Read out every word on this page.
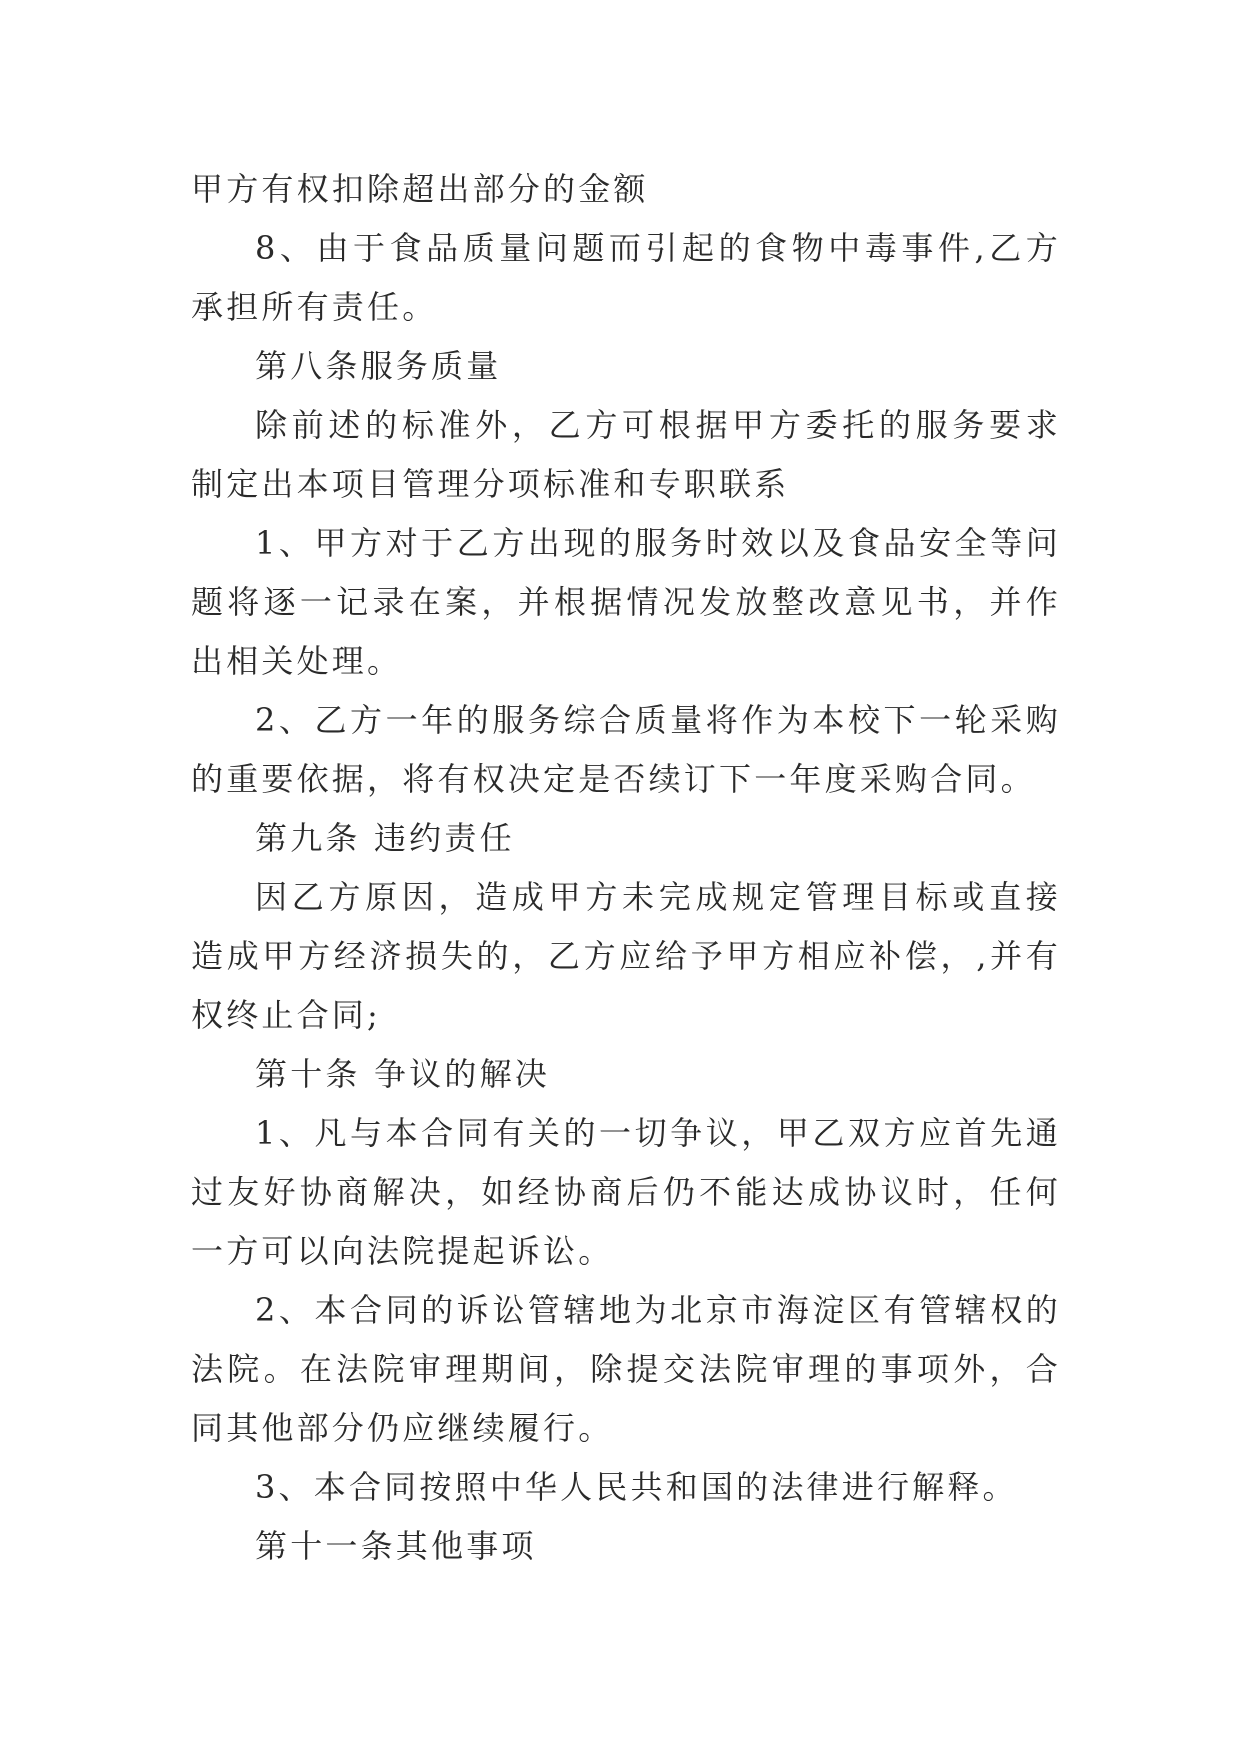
甲方有权扣除超出部分的金额

8、由于食品质量问题而引起的食物中毒事件,乙方承担所有责任。

第八条服务质量

除前述的标准外，乙方可根据甲方委托的服务要求制定出本项目管理分项标准和专职联系

1、甲方对于乙方出现的服务时效以及食品安全等问题将逐一记录在案，并根据情况发放整改意见书，并作出相关处理。

2、乙方一年的服务综合质量将作为本校下一轮采购的重要依据，将有权决定是否续订下一年度采购合同。

第九条 违约责任

因乙方原因，造成甲方未完成规定管理目标或直接造成甲方经济损失的，乙方应给予甲方相应补偿，,并有权终止合同;

第十条 争议的解决

1、凡与本合同有关的一切争议，甲乙双方应首先通过友好协商解决，如经协商后仍不能达成协议时，任何一方可以向法院提起诉讼。

2、本合同的诉讼管辖地为北京市海淀区有管辖权的法院。在法院审理期间，除提交法院审理的事项外，合同其他部分仍应继续履行。

3、本合同按照中华人民共和国的法律进行解释。

第十一条其他事项
